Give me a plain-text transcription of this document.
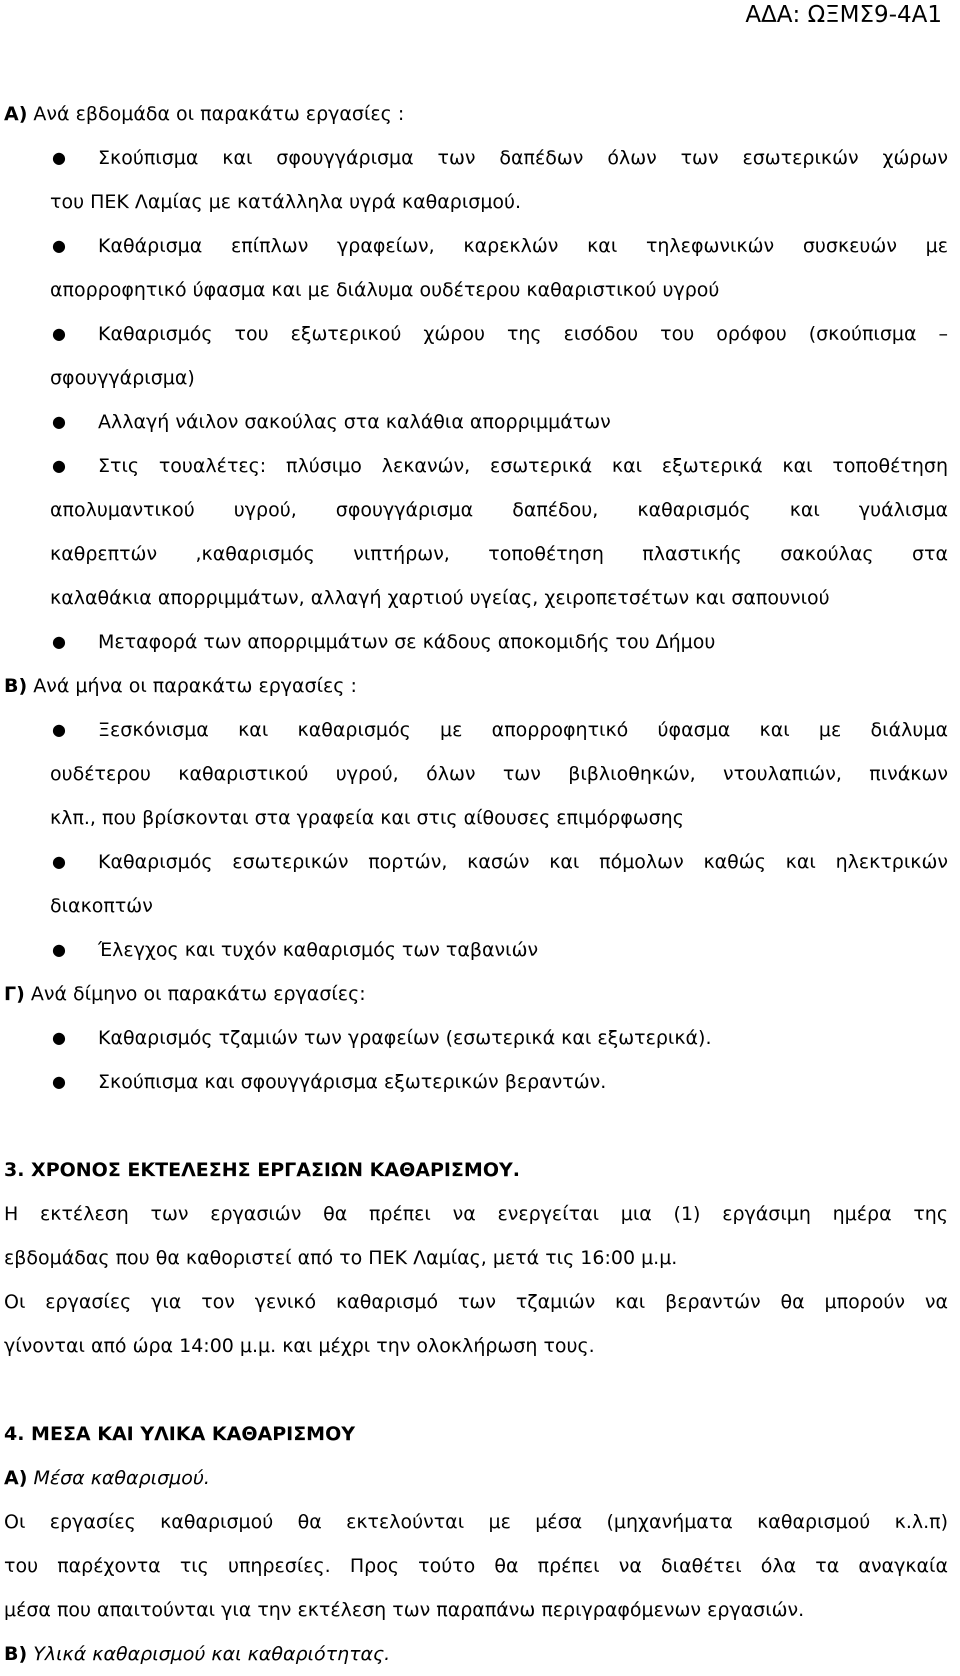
ΑΔΑ: ΩΞΜΣ9-4Α1
Α) Ανά εβδομάδα οι παρακάτω εργασίες :
● Σκούπισμα και σφουγγάρισμα των δαπέδων όλων των εσωτερικών χώρων
του ΠΕΚ Λαμίας με κατάλληλα υγρά καθαρισμού.
● Καθάρισμα επίπλων γραφείων, καρεκλών και τηλεφωνικών συσκευών με
απορροφητικό ύφασμα και με διάλυμα ουδέτερου καθαριστικού υγρού
● Καθαρισμός του εξωτερικού χώρου της εισόδου του ορόφου (σκούπισμα –
σφουγγάρισμα)
● Αλλαγή νάιλον σακούλας στα καλάθια απορριμμάτων
● Στις τουαλέτες: πλύσιμο λεκανών, εσωτερικά και εξωτερικά και τοποθέτηση
απολυμαντικού υγρού, σφουγγάρισμα δαπέδου, καθαρισμός και γυάλισμα
καθρεπτών ,καθαρισμός νιπτήρων, τοποθέτηση πλαστικής σακούλας στα
καλαθάκια απορριμμάτων, αλλαγή χαρτιού υγείας, χειροπετσέτων και σαπουνιού
● Μεταφορά των απορριμμάτων σε κάδους αποκομιδής του Δήμου
Β) Ανά μήνα οι παρακάτω εργασίες :
● Ξεσκόνισμα και καθαρισμός με απορροφητικό ύφασμα και με διάλυμα
ουδέτερου καθαριστικού υγρού, όλων των βιβλιοθηκών, ντουλαπιών, πινάκων
κλπ., που βρίσκονται στα γραφεία και στις αίθουσες επιμόρφωσης
● Καθαρισμός εσωτερικών πορτών, κασών και πόμολων καθώς και ηλεκτρικών
διακοπτών
● Έλεγχος και τυχόν καθαρισμός των ταβανιών
Γ) Ανά δίμηνο οι παρακάτω εργασίες:
● Καθαρισμός τζαμιών των γραφείων (εσωτερικά και εξωτερικά).
● Σκούπισμα και σφουγγάρισμα εξωτερικών βεραντών.
3. ΧΡΟΝΟΣ ΕΚΤΕΛΕΣΗΣ ΕΡΓΑΣΙΩΝ ΚΑΘΑΡΙΣΜΟΥ.
Η εκτέλεση των εργασιών θα πρέπει να ενεργείται μια (1) εργάσιμη ημέρα της
εβδομάδας που θα καθοριστεί από το ΠΕΚ Λαμίας, μετά τις 16:00 μ.μ.
Οι εργασίες για τον γενικό καθαρισμό των τζαμιών και βεραντών θα μπορούν να
γίνονται από ώρα 14:00 μ.μ. και μέχρι την ολοκλήρωση τους.
4. ΜΕΣΑ ΚΑΙ ΥΛΙΚΑ ΚΑΘΑΡΙΣΜΟΥ
Α) Μέσα καθαρισμού.
Οι εργασίες καθαρισμού θα εκτελούνται με μέσα (μηχανήματα καθαρισμού κ.λ.π)
του παρέχοντα τις υπηρεσίες. Προς τούτο θα πρέπει να διαθέτει όλα τα αναγκαία
μέσα που απαιτούνται για την εκτέλεση των παραπάνω περιγραφόμενων εργασιών.
Β) Υλικά καθαρισμού και καθαριότητας.
